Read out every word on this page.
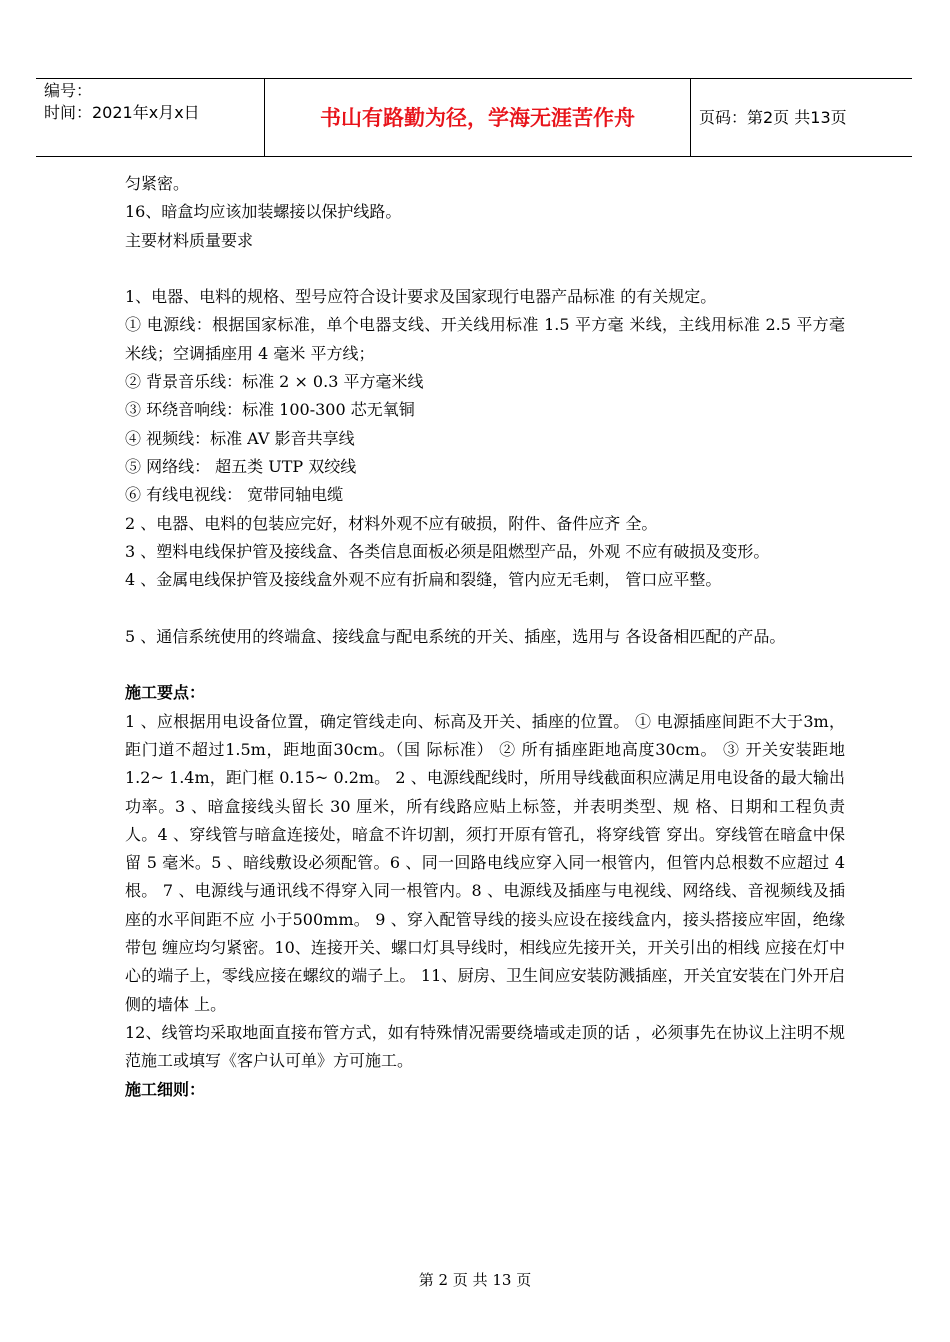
编号：
时间：2021年x月x日	书山有路勤为径，学海无涯苦作舟	页码：第2页 共13页

匀紧密。

16、暗盒均应该加装螺接以保护线路。

主要材料质量要求

1、电器、电料的规格、型号应符合设计要求及国家现行电器产品标准 的有关规定。

① 电源线：根据国家标准，单个电器支线、开关线用标准 1.5 平方毫 米线，主线用标准 2.5 平方毫米线；空调插座用 4 毫米 平方线；

② 背景音乐线：标准 2 × 0.3 平方毫米线

③ 环绕音响线：标准 100-300 芯无氧铜

④ 视频线：标准 AV 影音共享线

⑤ 网络线： 超五类 UTP 双绞线

⑥ 有线电视线： 宽带同轴电缆

2 、电器、电料的包装应完好，材料外观不应有破损，附件、备件应齐 全。

3 、塑料电线保护管及接线盒、各类信息面板必须是阻燃型产品，外观 不应有破损及变形。

4 、金属电线保护管及接线盒外观不应有折扁和裂缝，管内应无毛刺， 管口应平整。

5 、通信系统使用的终端盒、接线盒与配电系统的开关、插座，选用与 各设备相匹配的产品。

施工要点：

1 、应根据用电设备位置，确定管线走向、标高及开关、插座的位置。 ① 电源插座间距不大于3m，距门道不超过1.5m，距地面30cm。（国 际标准） ② 所有插座距地高度30cm。 ③ 开关安装距地 1.2~ 1.4m，距门框 0.15~ 0.2m。 2 、电源线配线时，所用导线截面积应满足用电设备的最大输出功率。3 、暗盒接线头留长 30 厘米，所有线路应贴上标签，并表明类型、规 格、日期和工程负责人。4 、穿线管与暗盒连接处，暗盒不许切割，须打开原有管孔，将穿线管 穿出。穿线管在暗盒中保留 5 毫米。5 、暗线敷设必须配管。6 、同一回路电线应穿入同一根管内，但管内总根数不应超过 4 根。 7 、电源线与通讯线不得穿入同一根管内。8 、电源线及插座与电视线、网络线、音视频线及插座的水平间距不应 小于500mm。 9 、穿入配管导线的接头应设在接线盒内，接头搭接应牢固，绝缘带包 缠应均匀紧密。10、连接开关、螺口灯具导线时，相线应先接开关，开关引出的相线 应接在灯中心的端子上，零线应接在螺纹的端子上。 11、厨房、卫生间应安装防溅插座，开关宜安装在门外开启侧的墙体 上。

12、线管均采取地面直接布管方式，如有特殊情况需要绕墙或走顶的话 ，必须事先在协议上注明不规范施工或填写《客户认可单》方可施工。

施工细则：

第 2 页 共 13 页
